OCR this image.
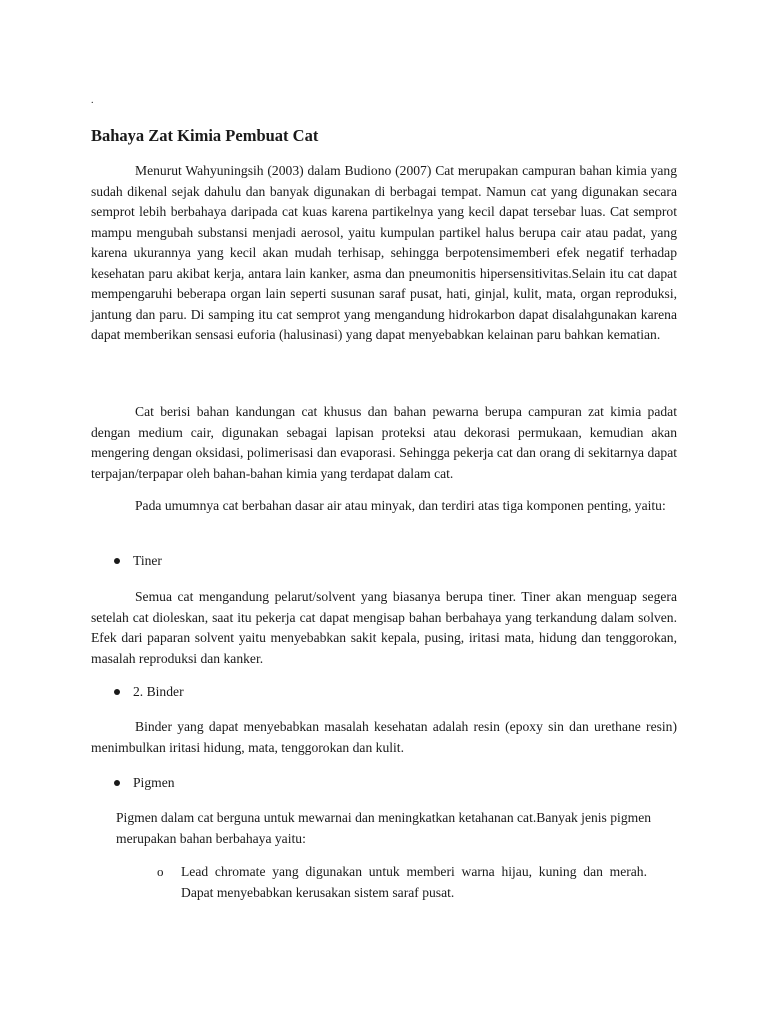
.
Bahaya Zat Kimia Pembuat Cat

Menurut Wahyuningsih (2003) dalam Budiono (2007) Cat merupakan campuran bahan kimia yang sudah dikenal sejak dahulu dan banyak digunakan di berbagai tempat. Namun cat yang digunakan secara semprot lebih berbahaya daripada cat kuas karena partikelnya yang kecil dapat tersebar luas. Cat semprot mampu mengubah substansi menjadi aerosol, yaitu kumpulan partikel halus berupa cair atau padat, yang karena ukurannya yang kecil akan mudah terhisap, sehingga berpotensimemberi efek negatif terhadap kesehatan paru akibat kerja, antara lain kanker, asma dan pneumonitis hipersensitivitas.Selain itu cat dapat mempengaruhi beberapa organ lain seperti susunan saraf pusat, hati, ginjal, kulit, mata, organ reproduksi, jantung dan paru. Di samping itu cat semprot yang mengandung hidrokarbon dapat disalahgunakan karena dapat memberikan sensasi euforia (halusinasi) yang dapat menyebabkan kelainan paru bahkan kematian.

Cat berisi bahan kandungan cat khusus dan bahan pewarna berupa campuran zat kimia padat dengan medium cair, digunakan sebagai lapisan proteksi atau dekorasi permukaan, kemudian akan mengering dengan oksidasi, polimerisasi dan evaporasi. Sehingga pekerja cat dan orang di sekitarnya dapat terpajan/terpapar oleh bahan-bahan kimia yang terdapat dalam cat.

Pada umumnya cat berbahan dasar air atau minyak, dan terdiri atas tiga komponen penting, yaitu:

Tiner

Semua cat mengandung pelarut/solvent yang biasanya berupa tiner. Tiner akan menguap segera setelah cat dioleskan, saat itu pekerja cat dapat mengisap bahan berbahaya yang terkandung dalam solven. Efek dari paparan solvent yaitu menyebabkan sakit kepala, pusing, iritasi mata, hidung dan tenggorokan, masalah reproduksi dan kanker.

2. Binder

Binder yang dapat menyebabkan masalah kesehatan adalah resin (epoxy sin dan urethane resin) menimbulkan iritasi hidung, mata, tenggorokan dan kulit.

Pigmen

Pigmen dalam cat berguna untuk mewarnai dan meningkatkan ketahanan cat.Banyak jenis pigmen merupakan bahan berbahaya yaitu:

o	Lead chromate yang digunakan untuk memberi warna hijau, kuning dan merah. Dapat menyebabkan kerusakan sistem saraf pusat.
